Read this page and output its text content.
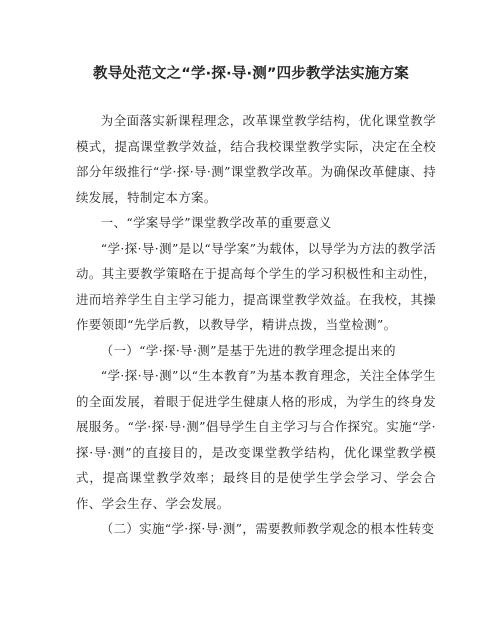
教导处范文之“学·探·导·测”四步教学法实施方案

为全面落实新课程理念，改革课堂教学结构，优化课堂教学模式，提高课堂教学效益，结合我校课堂教学实际，决定在全校部分年级推行“学·探·导·测”课堂教学改革。为确保改革健康、持续发展，特制定本方案。

一、“学案导学”课堂教学改革的重要意义

“学·探·导·测”是以“导学案”为载体，以导学为方法的教学活动。其主要教学策略在于提高每个学生的学习积极性和主动性，进而培养学生自主学习能力，提高课堂教学效益。在我校，其操作要领即“先学后教，以教导学，精讲点拨，当堂检测”。

（一）“学·探·导·测”是基于先进的教学理念提出来的

“学·探·导·测”以“生本教育”为基本教育理念，关注全体学生的全面发展，着眼于促进学生健康人格的形成，为学生的终身发展服务。“学·探·导·测”倡导学生自主学习与合作探究。实施“学·探·导·测”的直接目的，是改变课堂教学结构，优化课堂教学模式，提高课堂教学效率；最终目的是使学生学会学习、学会合作、学会生存、学会发展。

（二）实施“学·探·导·测”，需要教师教学观念的根本性转变
